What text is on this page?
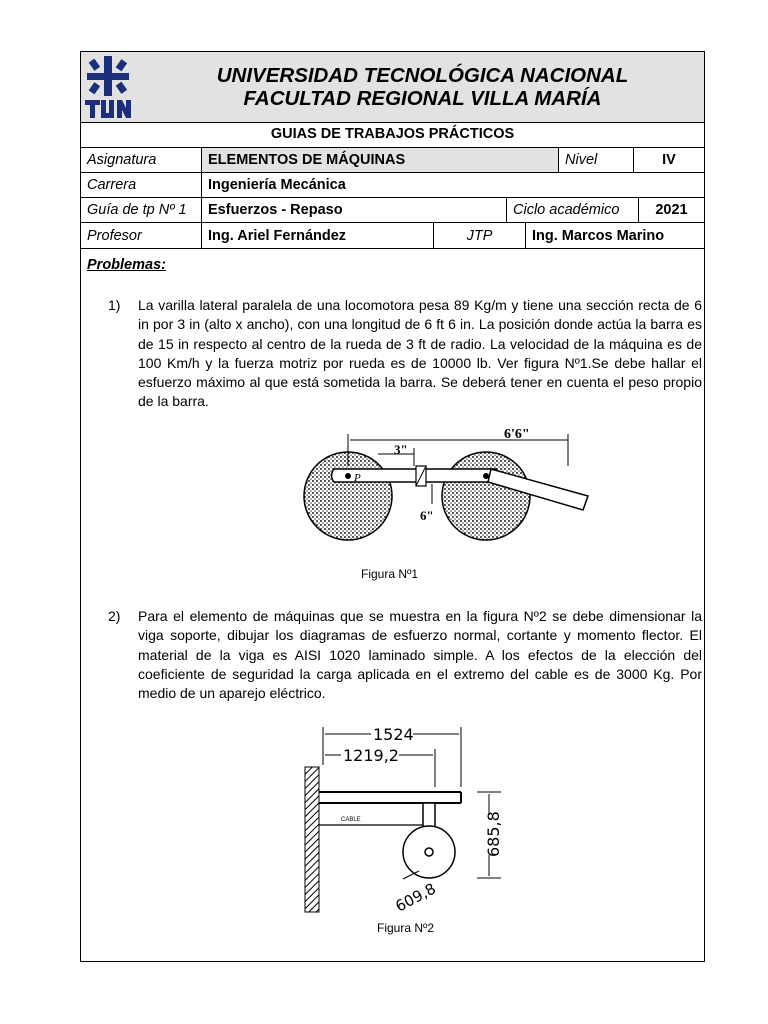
UNIVERSIDAD TECNOLÓGICA NACIONAL
FACULTAD REGIONAL VILLA MARÍA
GUIAS DE TRABAJOS PRÁCTICOS
Asignatura	ELEMENTOS DE MÁQUINAS	Nivel	IV
Carrera	Ingeniería Mecánica
Guía de tp Nº 1	Esfuerzos - Repaso	Ciclo académico	2021
Profesor	Ing. Ariel Fernández	JTP	Ing. Marcos Marino
Problemas:
1) La varilla lateral paralela de una locomotora pesa 89 Kg/m y tiene una sección recta de 6 in por 3 in (alto x ancho), con una longitud de 6 ft 6 in. La posición donde actúa la barra es de 15 in respecto al centro de la rueda de 3 ft de radio. La velocidad de la máquina es de 100 Km/h y la fuerza motriz por rueda es de 10000 lb. Ver figura Nº1.Se debe hallar el esfuerzo máximo al que está sometida la barra. Se deberá tener en cuenta el peso propio de la barra.
6'6"
3"
6"
P
Figura Nº1
2) Para el elemento de máquinas que se muestra en la figura Nº2 se debe dimensionar la viga soporte, dibujar los diagramas de esfuerzo normal, cortante y momento flector. El material de la viga es AISI 1020 laminado simple. A los efectos de la elección del coeficiente de seguridad la carga aplicada en el extremo del cable es de 3000 Kg. Por medio de un aparejo eléctrico.
CABLE
1524
1219,2
685,8
609,8
Figura Nº2
